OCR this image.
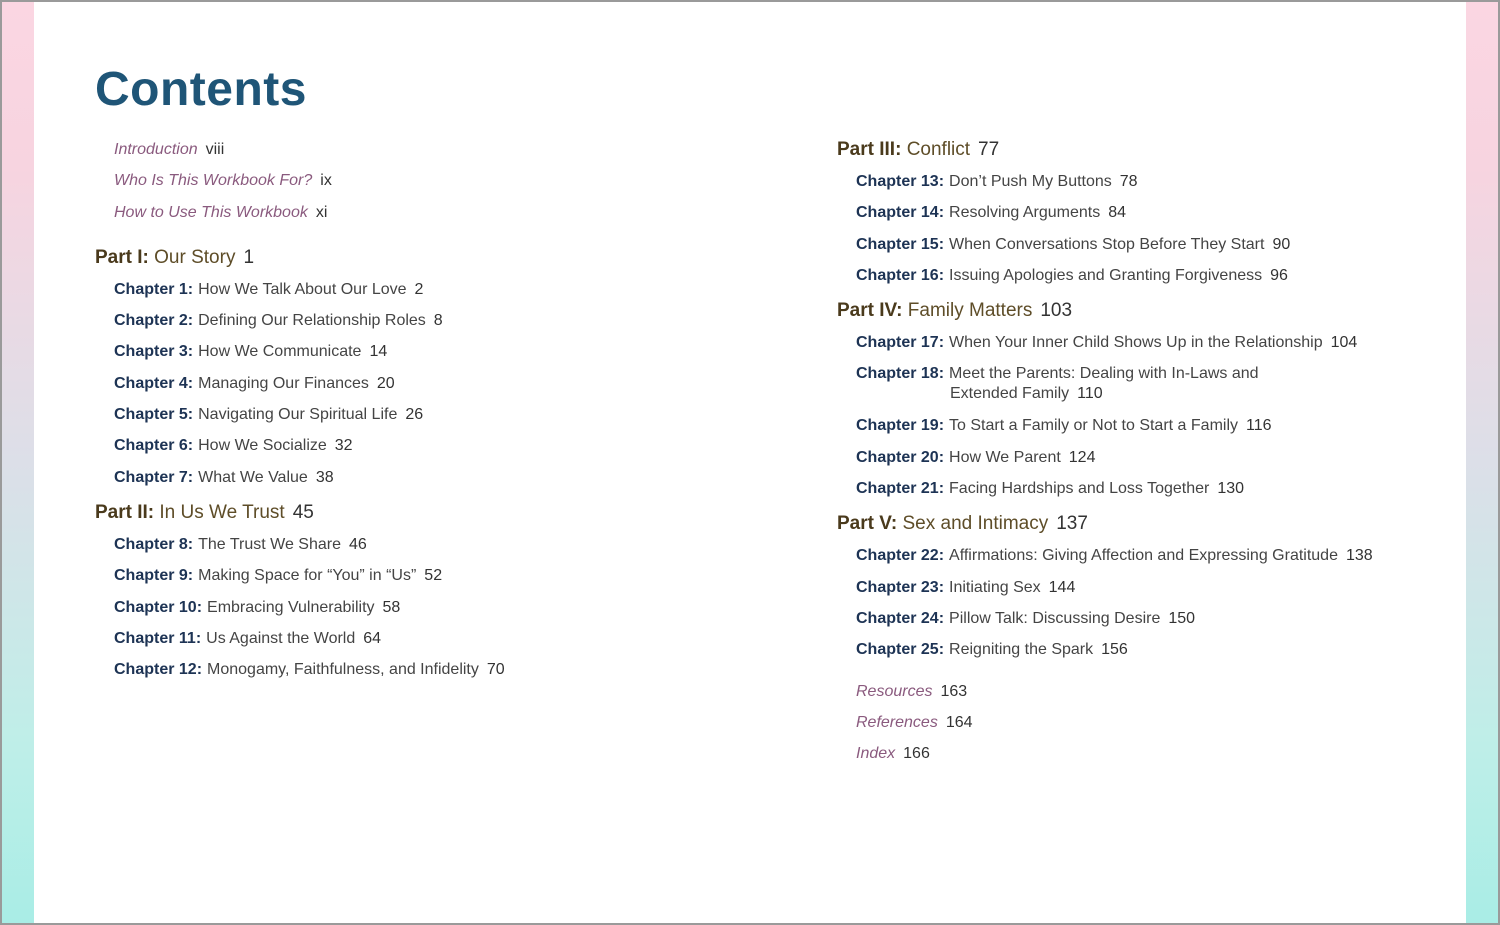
Contents
Introduction viii
Who Is This Workbook For? ix
How to Use This Workbook xi
Part I: Our Story 1
Chapter 1: How We Talk About Our Love 2
Chapter 2: Defining Our Relationship Roles 8
Chapter 3: How We Communicate 14
Chapter 4: Managing Our Finances 20
Chapter 5: Navigating Our Spiritual Life 26
Chapter 6: How We Socialize 32
Chapter 7: What We Value 38
Part II: In Us We Trust 45
Chapter 8: The Trust We Share 46
Chapter 9: Making Space for “You” in “Us” 52
Chapter 10: Embracing Vulnerability 58
Chapter 11: Us Against the World 64
Chapter 12: Monogamy, Faithfulness, and Infidelity 70
Part III: Conflict 77
Chapter 13: Don’t Push My Buttons 78
Chapter 14: Resolving Arguments 84
Chapter 15: When Conversations Stop Before They Start 90
Chapter 16: Issuing Apologies and Granting Forgiveness 96
Part IV: Family Matters 103
Chapter 17: When Your Inner Child Shows Up in the Relationship 104
Chapter 18: Meet the Parents: Dealing with In-Laws and
Extended Family 110
Chapter 19: To Start a Family or Not to Start a Family 116
Chapter 20: How We Parent 124
Chapter 21: Facing Hardships and Loss Together 130
Part V: Sex and Intimacy 137
Chapter 22: Affirmations: Giving Affection and Expressing Gratitude 138
Chapter 23: Initiating Sex 144
Chapter 24: Pillow Talk: Discussing Desire 150
Chapter 25: Reigniting the Spark 156
Resources 163
References 164
Index 166
